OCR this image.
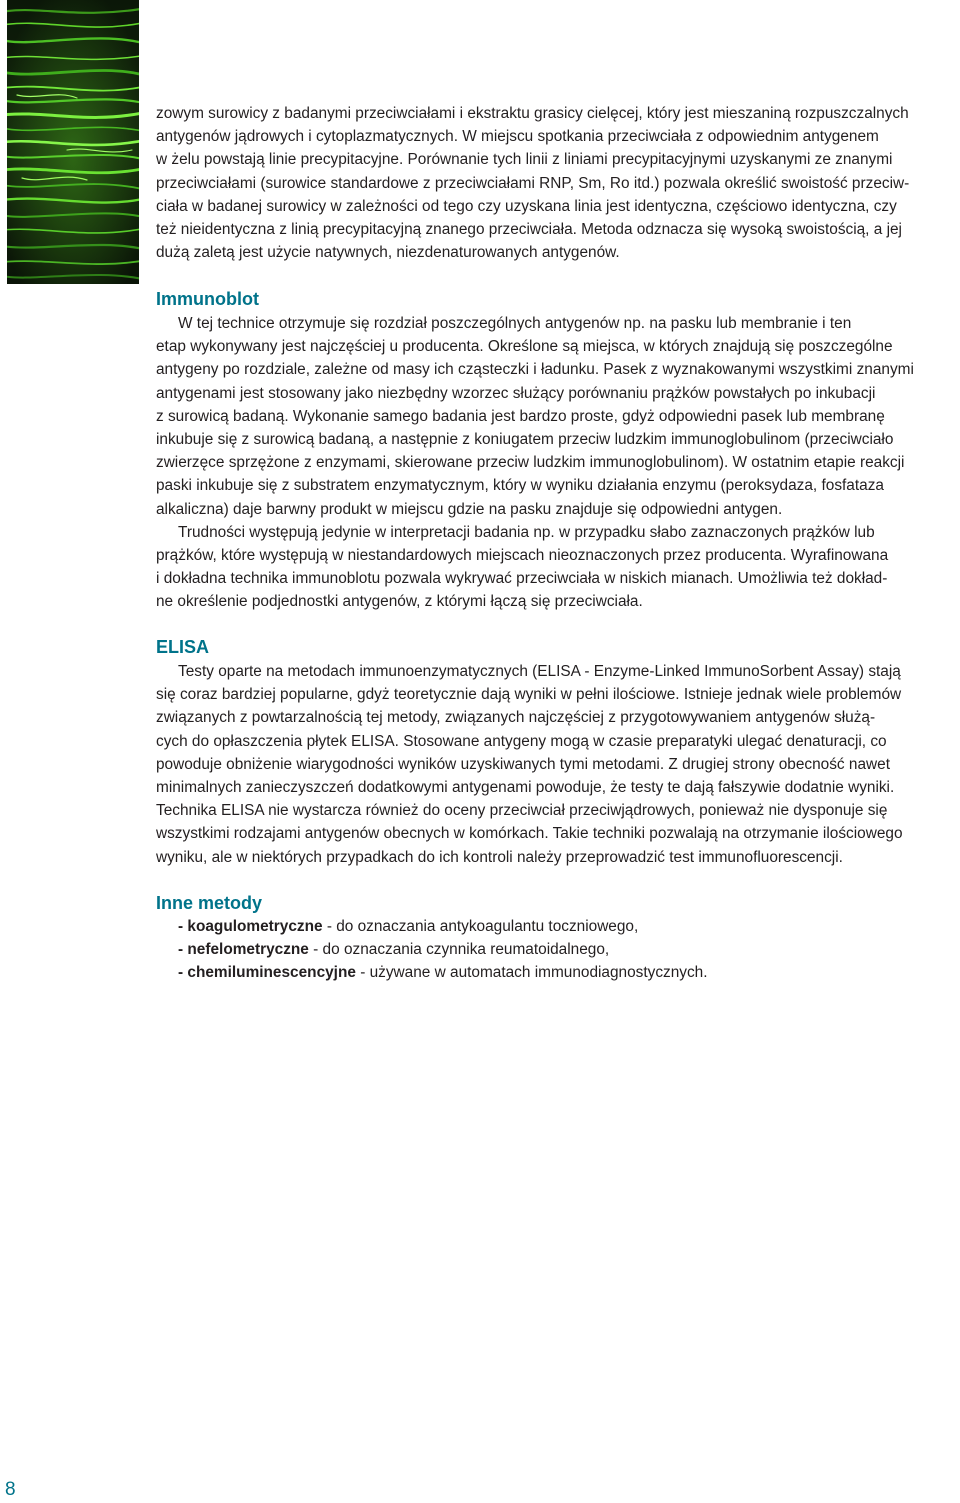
zowym surowicy z badanymi przeciwciałami i ekstraktu grasicy cielęcej, który jest mieszaniną rozpuszczalnych
antygenów jądrowych i cytoplazmatycznych. W miejscu spotkania przeciwciała z odpowiednim antygenem
w żelu powstają linie precypitacyjne. Porównanie tych linii z liniami precypitacyjnymi uzyskanymi ze znanymi
przeciwciałami (surowice standardowe z przeciwciałami RNP, Sm, Ro itd.) pozwala określić swoistość przeciw-
ciała w badanej surowicy w zależności od tego czy uzyskana linia jest identyczna, częściowo identyczna, czy
też nieidentyczna z linią precypitacyjną znanego przeciwciała. Metoda odznacza się wysoką swoistością, a jej
dużą zaletą jest użycie natywnych, niezdenaturowanych antygenów.
Immunoblot
W tej technice otrzymuje się rozdział poszczególnych antygenów np. na pasku lub membranie i ten
etap wykonywany jest najczęściej u producenta. Określone są miejsca, w których znajdują się poszczególne
antygeny po rozdziale, zależne od masy ich cząsteczki i ładunku. Pasek z wyznakowanymi wszystkimi znanymi
antygenami jest stosowany jako niezbędny wzorzec służący porównaniu prążków powstałych po inkubacji
z surowicą badaną. Wykonanie samego badania jest bardzo proste, gdyż odpowiedni pasek lub membranę
inkubuje się z surowicą badaną, a następnie z koniugatem przeciw ludzkim immunoglobulinom (przeciwciało
zwierzęce sprzężone z enzymami, skierowane przeciw ludzkim immunoglobulinom). W ostatnim etapie reakcji
paski inkubuje się z substratem enzymatycznym, który w wyniku działania enzymu (peroksydaza, fosfataza
alkaliczna) daje barwny produkt w miejscu gdzie na pasku znajduje się odpowiedni antygen.
Trudności występują jedynie w interpretacji badania np. w przypadku słabo zaznaczonych prążków lub
prążków, które występują w niestandardowych miejscach nieoznaczonych przez producenta. Wyrafinowana
i dokładna technika immunoblotu pozwala wykrywać przeciwciała w niskich mianach. Umożliwia też dokład-
ne określenie podjednostki antygenów, z którymi łączą się przeciwciała.
ELISA
Testy oparte na metodach immunoenzymatycznych (ELISA - Enzyme-Linked ImmunoSorbent Assay) stają
się coraz bardziej popularne, gdyż teoretycznie dają wyniki w pełni ilościowe. Istnieje jednak wiele problemów
związanych z powtarzalnością tej metody, związanych najczęściej z przygotowywaniem antygenów służą-
cych do opłaszczenia płytek ELISA. Stosowane antygeny mogą w czasie preparatyki ulegać denaturacji, co
powoduje obniżenie wiarygodności wyników uzyskiwanych tymi metodami. Z drugiej strony obecność nawet
minimalnych zanieczyszczeń dodatkowymi antygenami powoduje, że testy te dają fałszywie dodatnie wyniki.
Technika ELISA nie wystarcza również do oceny przeciwciał przeciwjądrowych, ponieważ nie dysponuje się
wszystkimi rodzajami antygenów obecnych w komórkach. Takie techniki pozwalają na otrzymanie ilościowego
wyniku, ale w niektórych przypadkach do ich kontroli należy przeprowadzić test immunofluorescencji.
Inne metody
- koagulometryczne - do oznaczania antykoagulantu toczniowego,
- nefelometryczne - do oznaczania czynnika reumatoidalnego,
- chemiluminescencyjne - używane w automatach immunodiagnostycznych.
8
